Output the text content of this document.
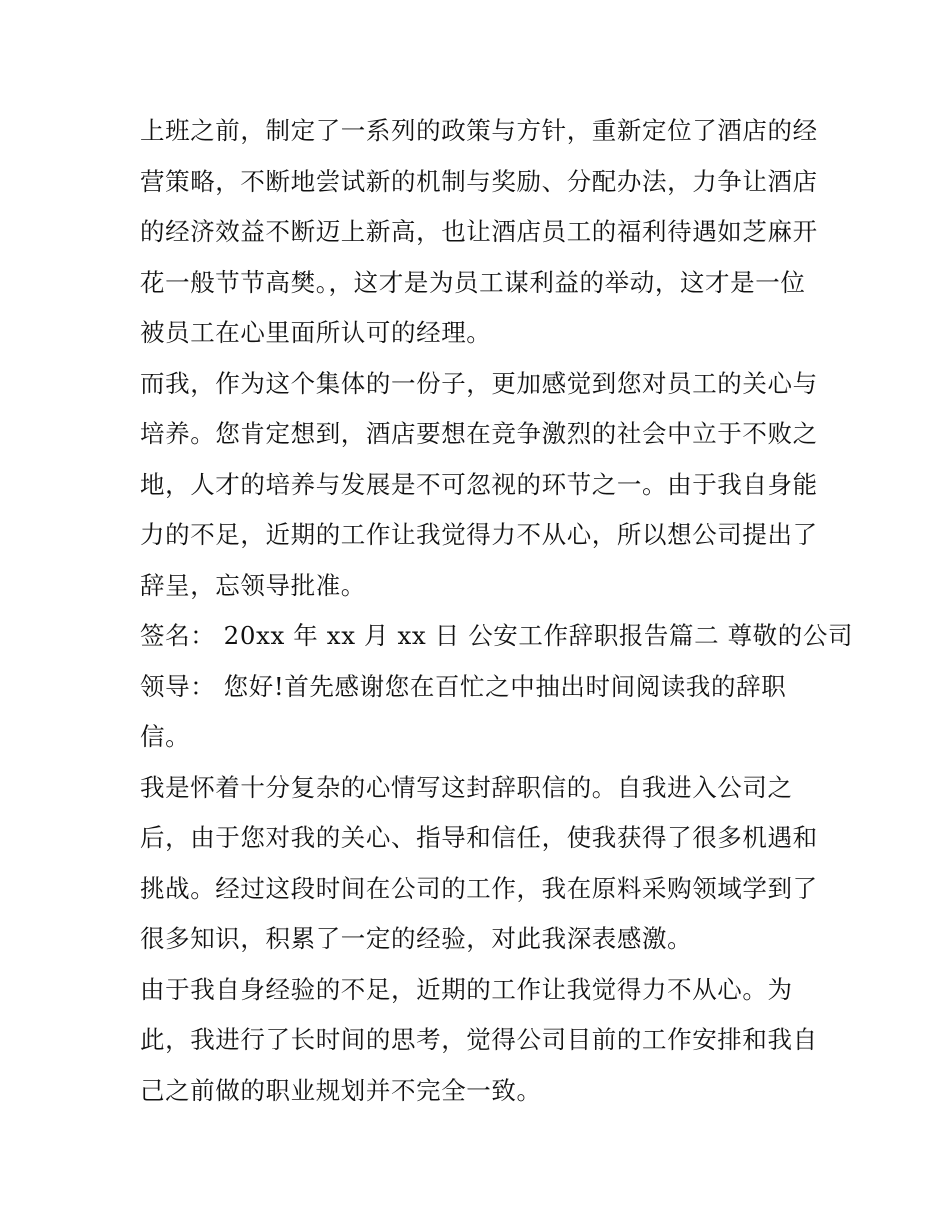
上班之前，制定了一系列的政策与方针，重新定位了酒店的经
营策略，不断地尝试新的机制与奖励、分配办法，力争让酒店
的经济效益不断迈上新高，也让酒店员工的福利待遇如芝麻开
花一般节节高樊。，这才是为员工谋利益的举动，这才是一位
被员工在心里面所认可的经理。
而我，作为这个集体的一份子，更加感觉到您对员工的关心与
培养。您肯定想到，酒店要想在竞争激烈的社会中立于不败之
地，人才的培养与发展是不可忽视的环节之一。由于我自身能
力的不足，近期的工作让我觉得力不从心，所以想公司提出了
辞呈，忘领导批准。
签名： 20xx 年 xx 月 xx 日 公安工作辞职报告篇二 尊敬的公司
领导： 您好!首先感谢您在百忙之中抽出时间阅读我的辞职
信。
我是怀着十分复杂的心情写这封辞职信的。自我进入公司之
后，由于您对我的关心、指导和信任，使我获得了很多机遇和
挑战。经过这段时间在公司的工作，我在原料采购领域学到了
很多知识，积累了一定的经验，对此我深表感激。
由于我自身经验的不足，近期的工作让我觉得力不从心。为
此，我进行了长时间的思考，觉得公司目前的工作安排和我自
己之前做的职业规划并不完全一致。
